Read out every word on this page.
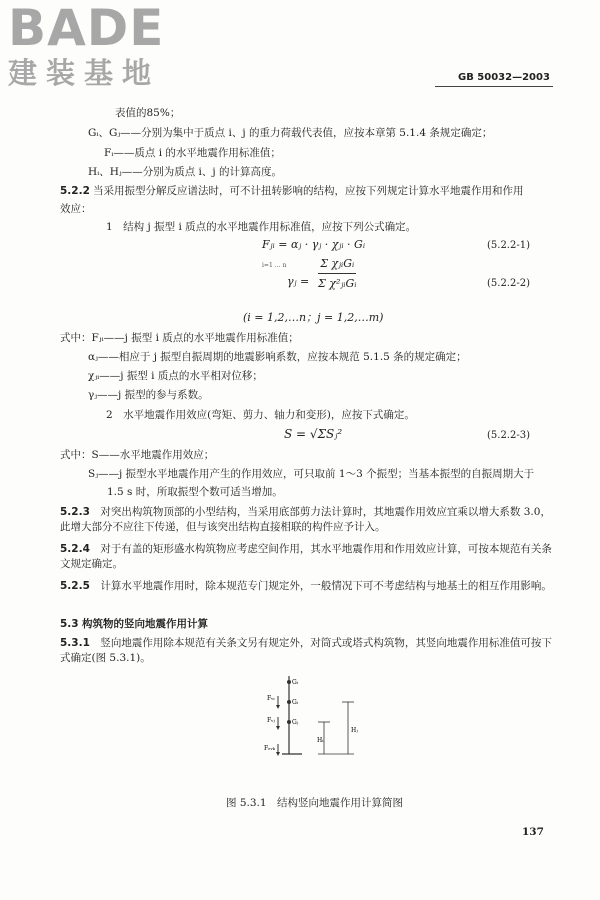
BADE
建装基地	GB 50032—2003
表值的85%；
Gᵢ、Gⱼ——分别为集中于质点 i、j 的重力荷载代表值，应按本章第 5.1.4 条规定确定；
Fᵢ——质点 i 的水平地震作用标准值；
Hᵢ、Hⱼ——分别为质点 i、j 的计算高度。
5.2.2 当采用振型分解反应谱法时，可不计扭转影响的结构，应按下列规定计算水平地震作用和作用
效应：
1　结构 j 振型 i 质点的水平地震作用标准值，应按下列公式确定。
Fⱼᵢ = αⱼ · γⱼ · χⱼᵢ · Gᵢ	(5.2.2-1)
γⱼ = $\frac{\text{Σ χⱼᵢGᵢ}}{\text{Σ χ²ⱼᵢGᵢ}}$
i=1 … n
(5.2.2-2)
(i = 1,2,…n；j = 1,2,…m)
式中：Fⱼᵢ——j 振型 i 质点的水平地震作用标准值；
αⱼ——相应于 j 振型自振周期的地震影响系数，应按本规范 5.1.5 条的规定确定；
χⱼᵢ——j 振型 i 质点的水平相对位移；
γⱼ——j 振型的参与系数。
2　水平地震作用效应(弯矩、剪力、轴力和变形)，应按下式确定。
S = √ΣSⱼ²	(5.2.2-3)
式中：S——水平地震作用效应；
Sⱼ——j 振型水平地震作用产生的作用效应，可只取前 1～3 个振型；当基本振型的自振周期大于
1.5 s 时，所取振型个数可适当增加。
5.2.3　 对突出构筑物顶部的小型结构，当采用底部剪力法计算时，其地震作用效应宜乘以增大系数 3.0，此增大部分不应往下传递，但与该突出结构直接相联的构件应予计入。
5.2.4　 对于有盖的矩形盛水构筑物应考虑空间作用，其水平地震作用和作用效应计算，可按本规范有关条文规定确定。
5.2.5　 计算水平地震作用时，除本规范专门规定外，一般情况下可不考虑结构与地基土的相互作用影响。
5.3 构筑物的竖向地震作用计算
5.3.1　 竖向地震作用除本规范有关条文另有规定外，对筒式或塔式构筑物，其竖向地震作用标准值可按下式确定(图 5.3.1)。
Gᵢ
Gᵢ
Gⱼ
Fᵥᵢ
Fᵥⱼ
Fₑᵥₖ
Hᵢ
Hⱼ
图 5.3.1　结构竖向地震作用计算简图
137
